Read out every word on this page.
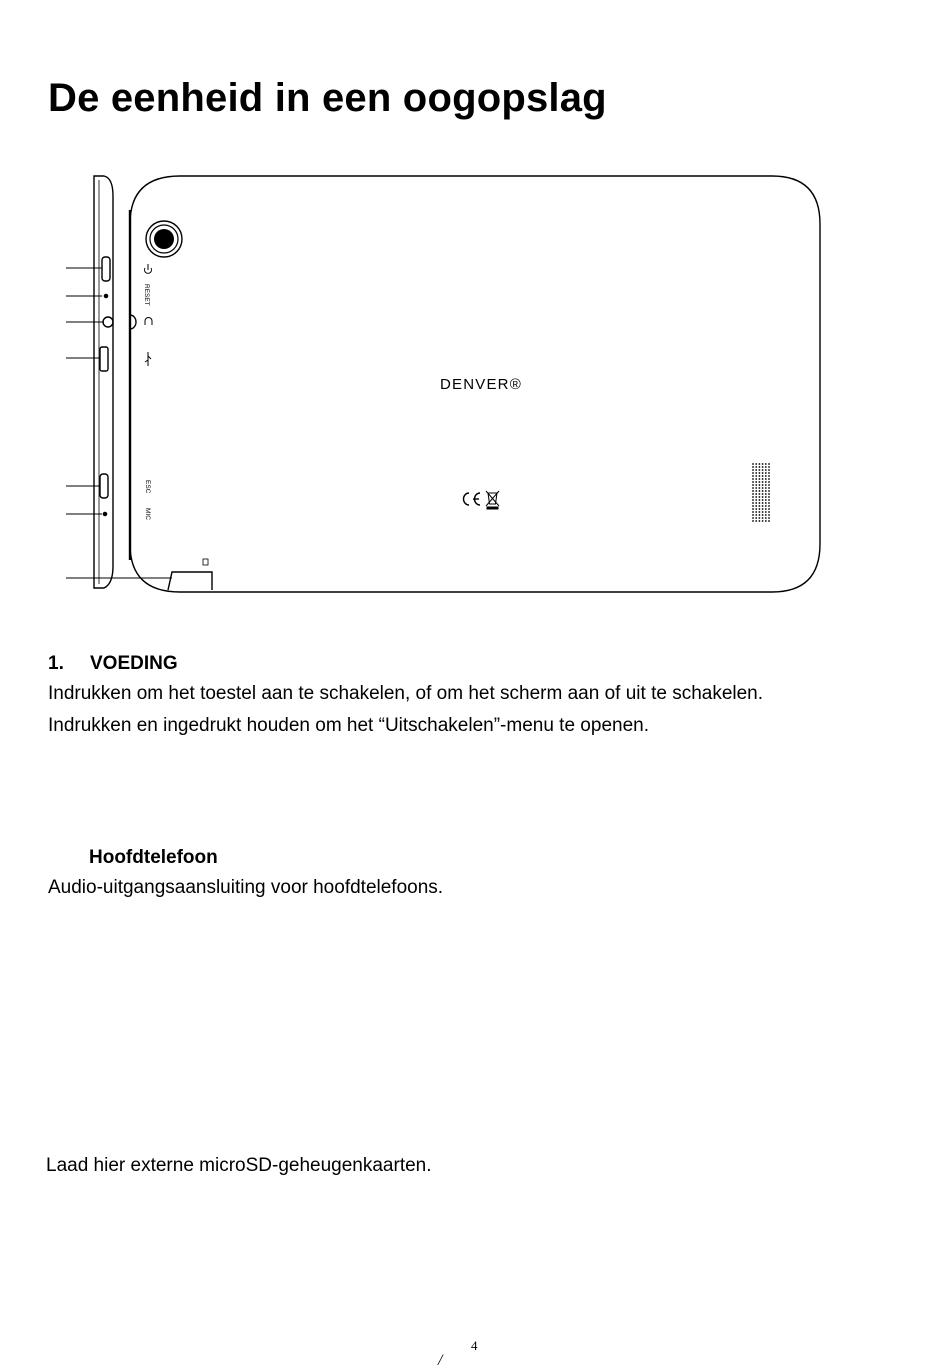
De eenheid in een oogopslag
RESET
ESC
MIC
DENVER®
1. VOEDING

Indrukken om het toestel aan te schakelen, of om het scherm aan of uit te schakelen.

Indrukken en ingedrukt houden om het “Uitschakelen”-menu te openen.

Hoofdtelefoon

Audio-uitgangsaansluiting voor hoofdtelefoons.

Laad hier externe microSD-geheugenkaarten.

4
/
